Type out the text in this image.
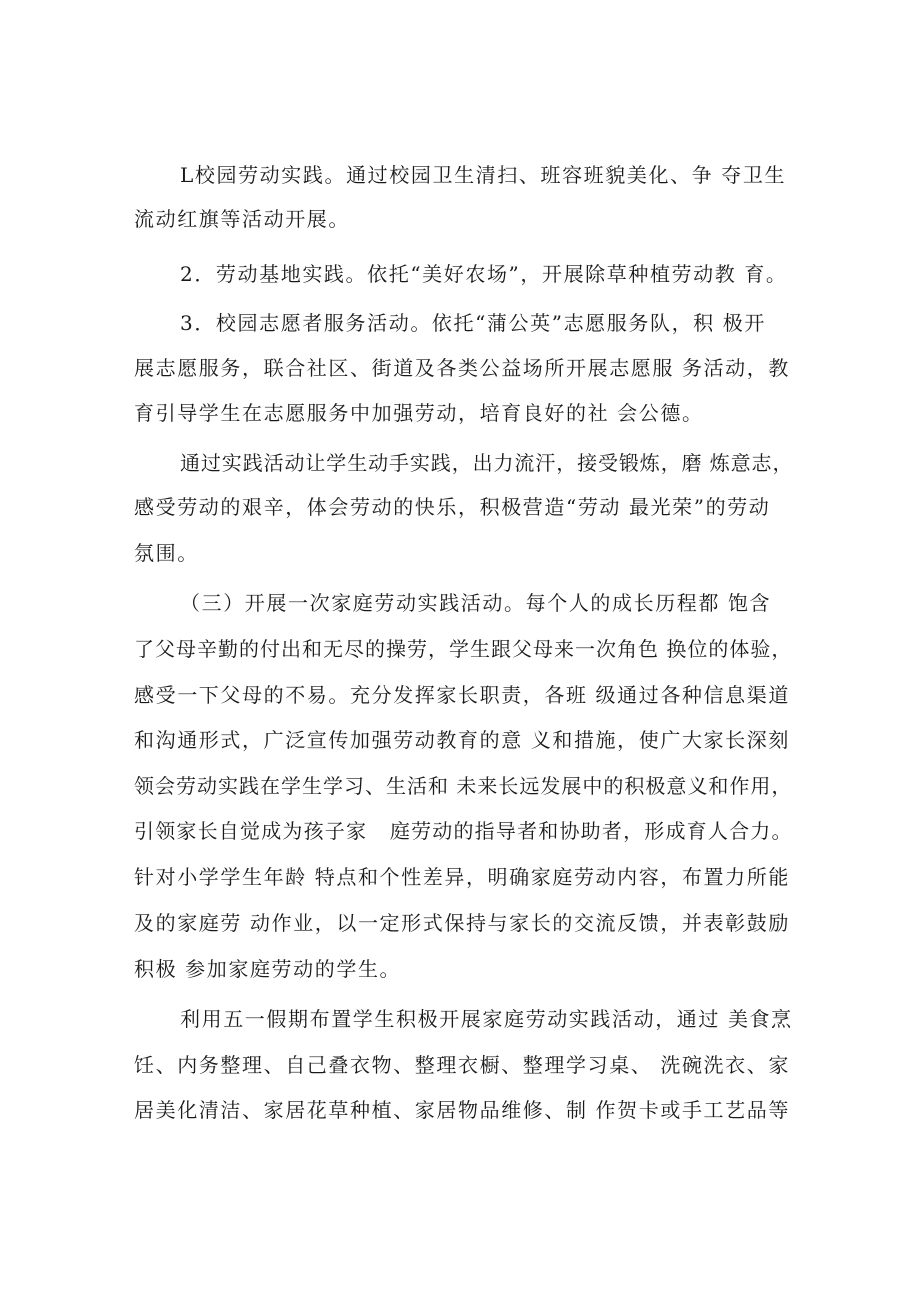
L校园劳动实践。通过校园卫生清扫、班容班貌美化、争 夺卫生
流动红旗等活动开展。
2．劳动基地实践。依托“美好农场”，开展除草种植劳动教 育。
3．校园志愿者服务活动。依托“蒲公英”志愿服务队，积 极开
展志愿服务，联合社区、街道及各类公益场所开展志愿服 务活动，教
育引导学生在志愿服务中加强劳动，培育良好的社 会公德。
通过实践活动让学生动手实践，出力流汗，接受锻炼，磨 炼意志，
感受劳动的艰辛，体会劳动的快乐，积极营造“劳动 最光荣”的劳动
氛围。
（三）开展一次家庭劳动实践活动。每个人的成长历程都 饱含
了父母辛勤的付出和无尽的操劳，学生跟父母来一次角色 换位的体验，
感受一下父母的不易。充分发挥家长职责，各班 级通过各种信息渠道
和沟通形式，广泛宣传加强劳动教育的意 义和措施，使广大家长深刻
领会劳动实践在学生学习、生活和 未来长远发展中的积极意义和作用，
引领家长自觉成为孩子家   庭劳动的指导者和协助者，形成育人合力。
针对小学学生年龄 特点和个性差异，明确家庭劳动内容，布置力所能
及的家庭劳 动作业，以一定形式保持与家长的交流反馈，并表彰鼓励
积极 参加家庭劳动的学生。
利用五一假期布置学生积极开展家庭劳动实践活动，通过 美食烹
饪、内务整理、自己叠衣物、整理衣橱、整理学习桌、 洗碗洗衣、家
居美化清洁、家居花草种植、家居物品维修、制 作贺卡或手工艺品等
